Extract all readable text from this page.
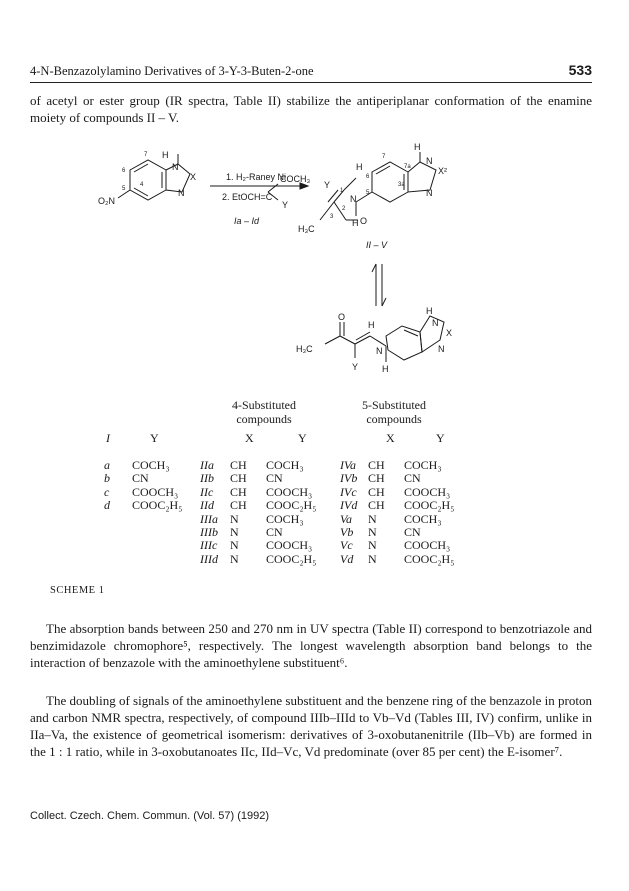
4-N-Benzazolylamino Derivatives of 3-Y-3-Buten-2-one	533
of acetyl or ester group (IR spectra, Table II) stabilize the antiperiplanar conformation of the enamine moiety of compounds II – V.
H
N
X
N
O₂N
7
6
5
4
1. H₂-Raney Ni
2. EtOCH=C
COCH₃
Y
Ia – Id
H
N
X²
N
H
Y
N
H
H₃C
O
7
6
5
3a
7a
2
1
3
II – V
O
H
H₃C
Y
N
H
H
N
X
N
4-Substituted
compounds
5-Substituted
compounds
I	Y	X	Y	X	Y
a COCH₃	IIa CH COCH₃	IVa CH COCH₃
b CN	IIb CH CN	IVb CH CN
c COOCH₃ IIc CH COOCH₃ IVc CH COOCH₃
d COOC₂H₅ IId CH COOC₂H₅ IVd CH COOC₂H₅
IIIa N COCH₃	Va N COCH₃
IIIb N CN	Vb N CN
IIIc N COOCH₃ Vc N COOCH₃
IIId N COOC₂H₅ Vd N COOC₂H₅
SCHEME 1
The absorption bands between 250 and 270 nm in UV spectra (Table II) correspond to benzotriazole and benzimidazole chromophore⁵, respectively. The longest wavelength absorption band belongs to the interaction of benzazole with the aminoethylene substituent⁶.
The doubling of signals of the aminoethylene substituent and the benzene ring of the benzazole in proton and carbon NMR spectra, respectively, of compound IIIb–IIId to Vb–Vd (Tables III, IV) confirm, unlike in IIa–Va, the existence of geometrical isomerism: derivatives of 3-oxobutanenitrile (IIb–Vb) are formed in the 1 : 1 ratio, while in 3-oxobutanoates IIc, IId–Vc, Vd predominate (over 85 per cent) the E-isomer⁷.
Collect. Czech. Chem. Commun. (Vol. 57) (1992)
